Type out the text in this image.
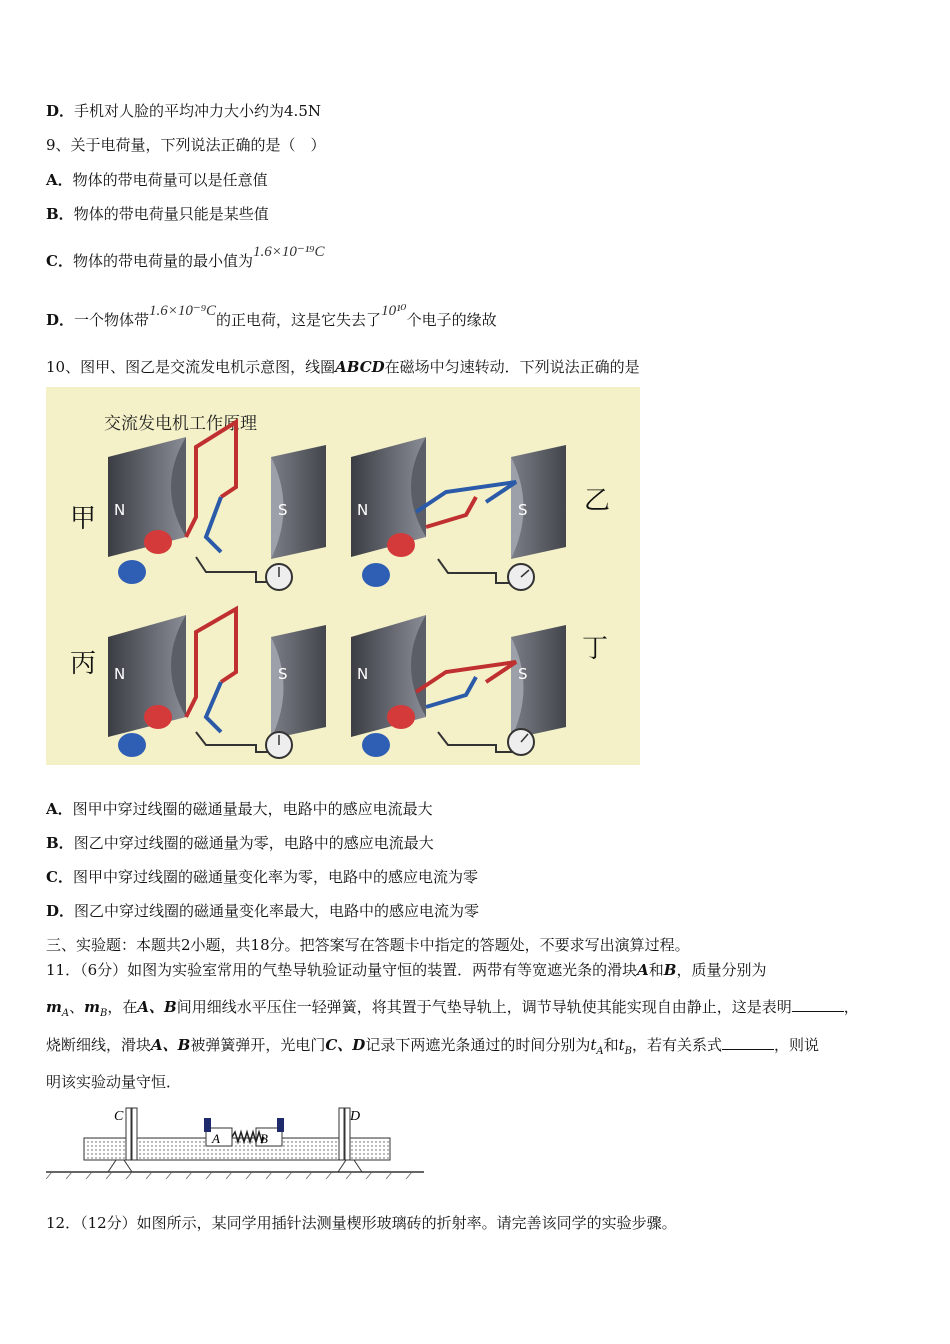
D．手机对人脸的平均冲力大小约为4.5N
9、关于电荷量，下列说法正确的是（　）
A．物体的带电荷量可以是任意值
B．物体的带电荷量只能是某些值
C．物体的带电荷量的最小值为1.6×10⁻¹⁹C
D．一个物体带1.6×10⁻⁹C的正电荷，这是它失去了10¹⁰个电子的缘故
10、图甲、图乙是交流发电机示意图，线圈ABCD在磁场中匀速转动．下列说法正确的是
交流发电机工作原理
N	S
甲	N	S 乙
N	S
丙	N	S
丁
A．图甲中穿过线圈的磁通量最大，电路中的感应电流最大
B．图乙中穿过线圈的磁通量为零，电路中的感应电流最大
C．图甲中穿过线圈的磁通量变化率为零，电路中的感应电流为零
D．图乙中穿过线圈的磁通量变化率最大，电路中的感应电流为零
三、实验题：本题共2小题，共18分。把答案写在答题卡中指定的答题处，不要求写出演算过程。
11．（6分）如图为实验室常用的气垫导轨验证动量守恒的装置．两带有等宽遮光条的滑块A和B，质量分别为
$m_A$、$m_B$，在A、B间用细线水平压住一轻弹簧，将其置于气垫导轨上，调节导轨使其能实现自由静止，这是表明	，
烧断细线，滑块A、B被弹簧弹开，光电门C、D记录下两遮光条通过的时间分别为$t_A$和$t_B$，若有关系式	，则说
明该实验动量守恒．
C	D
A	B
12．（12分）如图所示，某同学用插针法测量楔形玻璃砖的折射率。请完善该同学的实验步骤。
